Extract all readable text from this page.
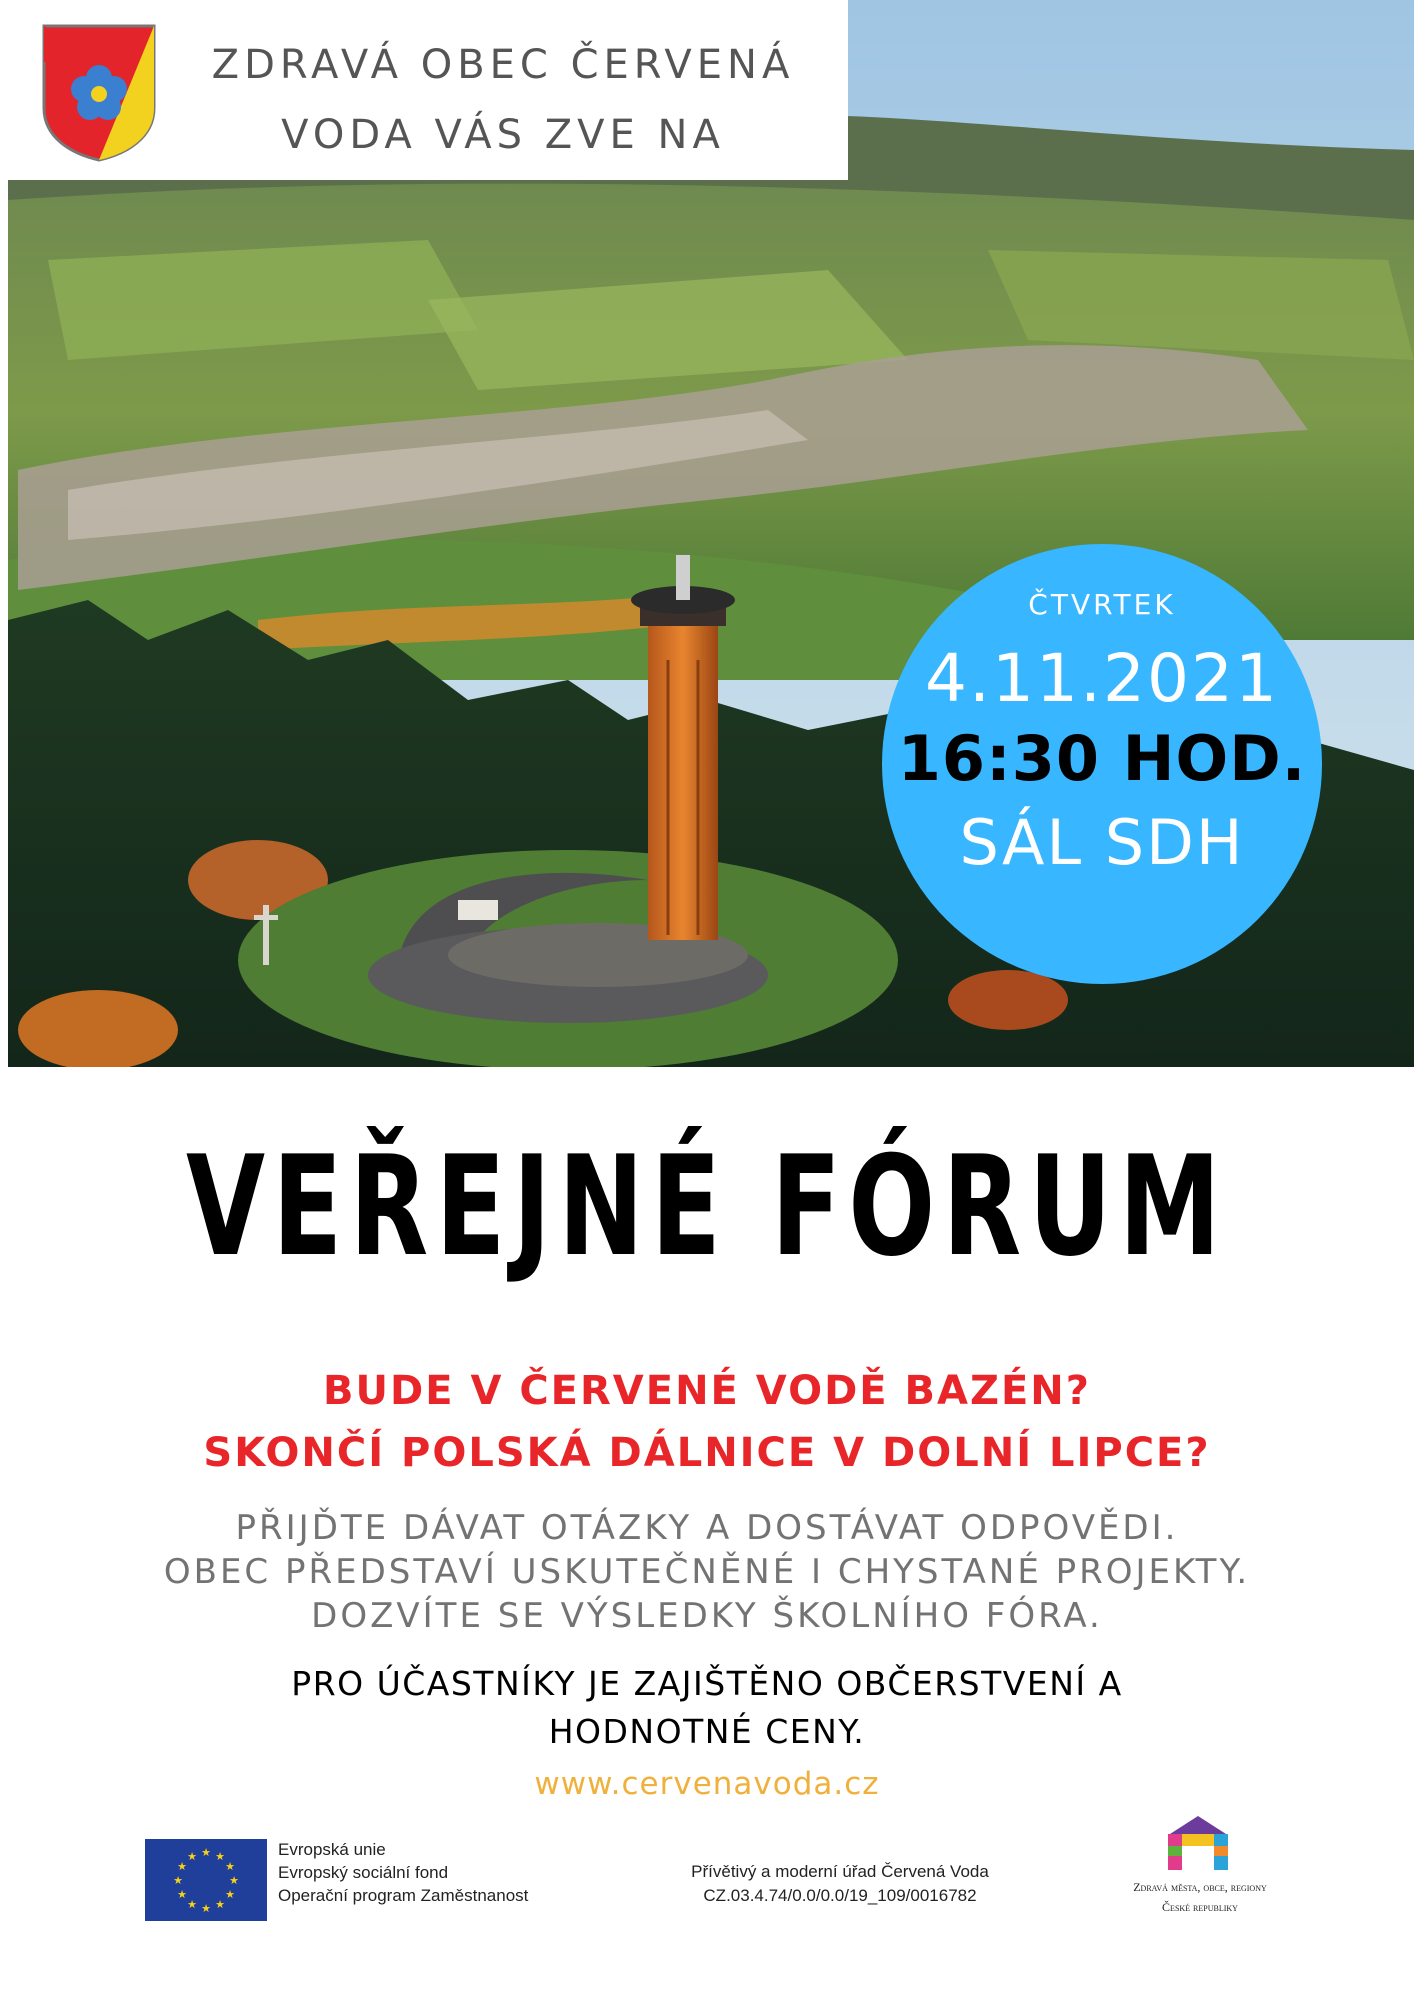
ZDRAVÁ OBEC ČERVENÁ
VODA VÁS ZVE NA
ČTVRTEK
4.11.2021
16:30 HOD.
SÁL SDH
VEŘEJNÉ FÓRUM
BUDE V ČERVENÉ VODĚ BAZÉN?
SKONČÍ POLSKÁ DÁLNICE V DOLNÍ LIPCE?
PŘIJĎTE DÁVAT OTÁZKY A DOSTÁVAT ODPOVĚDI.
OBEC PŘEDSTAVÍ USKUTEČNĚNÉ I CHYSTANÉ PROJEKTY.
DOZVÍTE SE VÝSLEDKY ŠKOLNÍHO FÓRA.
PRO ÚČASTNÍKY JE ZAJIŠTĚNO OBČERSTVENÍ A
HODNOTNÉ CENY.
www.cervenavoda.cz
★ ★
★
★
★
★
★
★
★
★
★
★	Evropská unie
Evropský sociální fond
Operační program Zaměstnanost
Přívětivý a moderní úřad Červená Voda
CZ.03.4.74/0.0/0.0/19_109/0016782	Zdravá města, obce, regiony
České republiky
